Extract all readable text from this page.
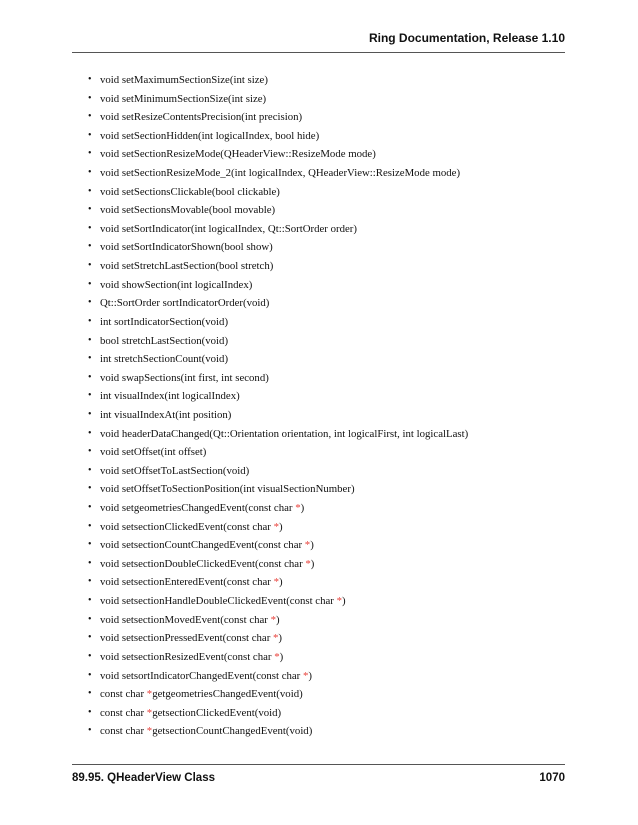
Ring Documentation, Release 1.10
• void setMaximumSectionSize(int size)
• void setMinimumSectionSize(int size)
• void setResizeContentsPrecision(int precision)
• void setSectionHidden(int logicalIndex, bool hide)
• void setSectionResizeMode(QHeaderView::ResizeMode mode)
• void setSectionResizeMode_2(int logicalIndex, QHeaderView::ResizeMode mode)
• void setSectionsClickable(bool clickable)
• void setSectionsMovable(bool movable)
• void setSortIndicator(int logicalIndex, Qt::SortOrder order)
• void setSortIndicatorShown(bool show)
• void setStretchLastSection(bool stretch)
• void showSection(int logicalIndex)
• Qt::SortOrder sortIndicatorOrder(void)
• int sortIndicatorSection(void)
• bool stretchLastSection(void)
• int stretchSectionCount(void)
• void swapSections(int first, int second)
• int visualIndex(int logicalIndex)
• int visualIndexAt(int position)
• void headerDataChanged(Qt::Orientation orientation, int logicalFirst, int logicalLast)
• void setOffset(int offset)
• void setOffsetToLastSection(void)
• void setOffsetToSectionPosition(int visualSectionNumber)
• void setgeometriesChangedEvent(const char *)
• void setsectionClickedEvent(const char *)
• void setsectionCountChangedEvent(const char *)
• void setsectionDoubleClickedEvent(const char *)
• void setsectionEnteredEvent(const char *)
• void setsectionHandleDoubleClickedEvent(const char *)
• void setsectionMovedEvent(const char *)
• void setsectionPressedEvent(const char *)
• void setsectionResizedEvent(const char *)
• void setsortIndicatorChangedEvent(const char *)
• const char *getgeometriesChangedEvent(void)
• const char *getsectionClickedEvent(void)
• const char *getsectionCountChangedEvent(void)
89.95. QHeaderView Class	1070
